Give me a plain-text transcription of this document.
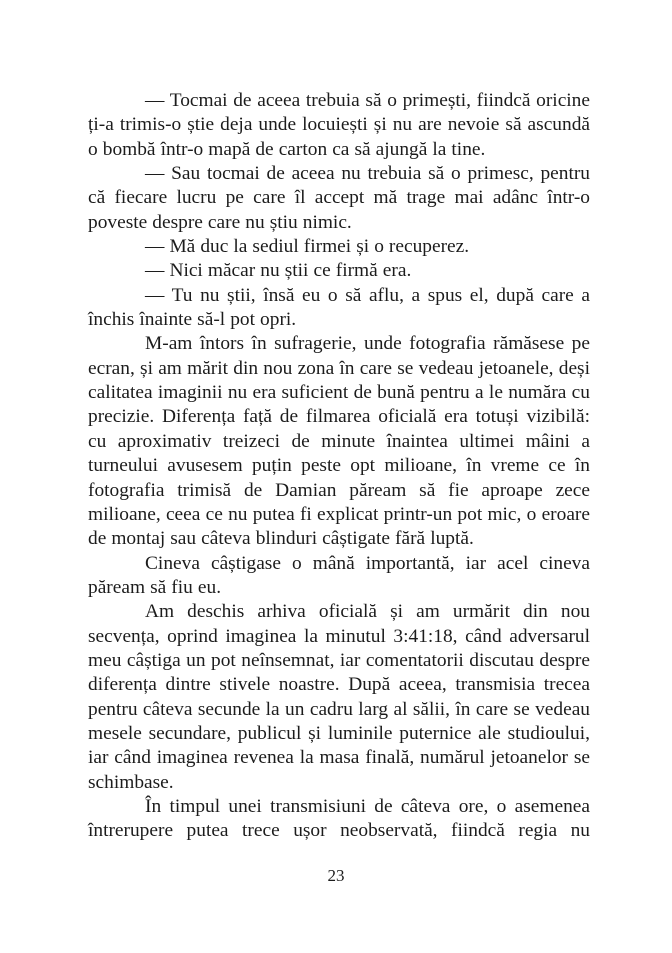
— Tocmai de aceea trebuia să o primești, fiindcă oricine ți-a trimis-o știe deja unde locuiești și nu are nevoie să ascundă o bombă într-o mapă de carton ca să ajungă la tine.

— Sau tocmai de aceea nu trebuia să o primesc, pentru că fiecare lucru pe care îl accept mă trage mai adânc într-o poveste despre care nu știu nimic.

— Mă duc la sediul firmei și o recuperez.

— Nici măcar nu știi ce firmă era.

— Tu nu știi, însă eu o să aflu, a spus el, după care a închis înainte să-l pot opri.

M-am întors în sufragerie, unde fotografia rămăsese pe ecran, și am mărit din nou zona în care se vedeau jetoanele, deși calitatea imaginii nu era suficient de bună pentru a le număra cu precizie. Diferența față de filmarea oficială era totuși vizibilă: cu aproximativ treizeci de minute înaintea ultimei mâini a turneului avusesem puțin peste opt milioane, în vreme ce în fotografia trimisă de Damian păream să fie aproape zece milioane, ceea ce nu putea fi explicat printr-un pot mic, o eroare de montaj sau câteva blinduri câștigate fără luptă.

Cineva câștigase o mână importantă, iar acel cineva păream să fiu eu.

Am deschis arhiva oficială și am urmărit din nou secvența, oprind imaginea la minutul 3:41:18, când adversarul meu câștiga un pot neînsemnat, iar comentatorii discutau despre diferența dintre stivele noastre. După aceea, transmisia trecea pentru câteva secunde la un cadru larg al sălii, în care se vedeau mesele secundare, publicul și luminile puternice ale studioului, iar când imaginea revenea la masa finală, numărul jetoanelor se schimbase.

În timpul unei transmisiuni de câteva ore, o asemenea întrerupere putea trece ușor neobservată, fiindcă regia nu

23
